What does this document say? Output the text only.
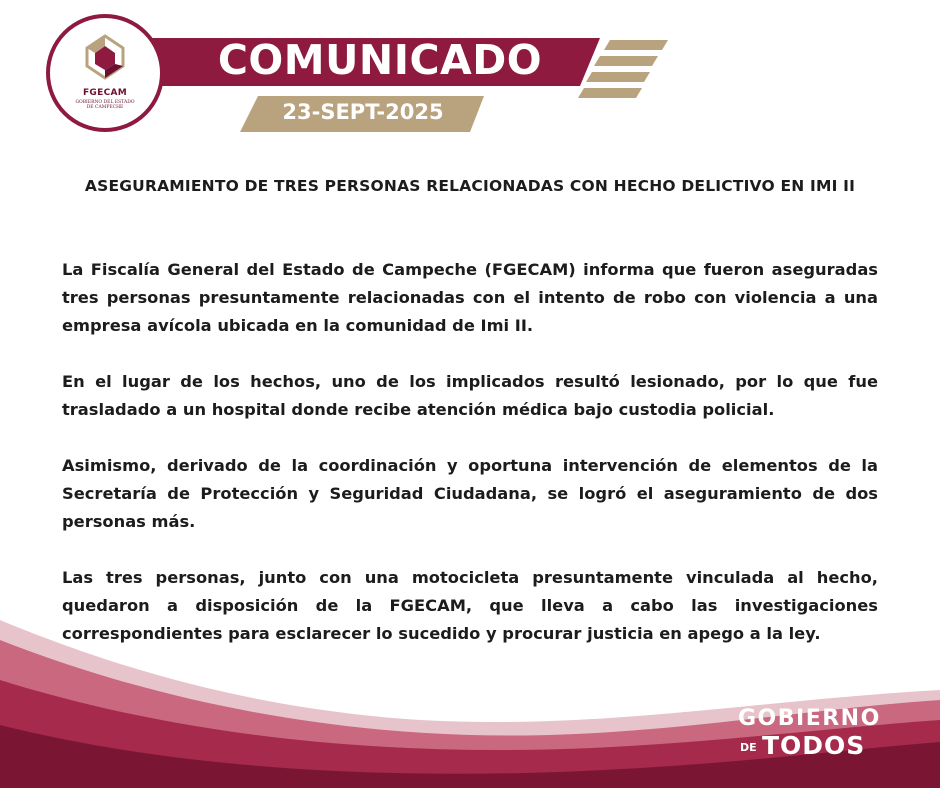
FGECAM
GOBIERNO DEL ESTADO
DE CAMPECHE
COMUNICADO
23-SEPT-2025
ASEGURAMIENTO DE TRES PERSONAS RELACIONADAS CON HECHO DELICTIVO EN IMI II

La Fiscalía General del Estado de Campeche (FGECAM) informa que fueron aseguradas tres personas presuntamente relacionadas con el intento de robo con violencia a una empresa avícola ubicada en la comunidad de Imi II.

En el lugar de los hechos, uno de los implicados resultó lesionado, por lo que fue trasladado a un hospital donde recibe atención médica bajo custodia policial.

Asimismo, derivado de la coordinación y oportuna intervención de elementos de la Secretaría de Protección y Seguridad Ciudadana, se logró el aseguramiento de dos personas más.

Las tres personas, junto con una motocicleta presuntamente vinculada al hecho, quedaron a disposición de la FGECAM, que lleva a cabo las investigaciones correspondientes para esclarecer lo sucedido y procurar justicia en apego a la ley.

GOBIERNO
DE TODOS
